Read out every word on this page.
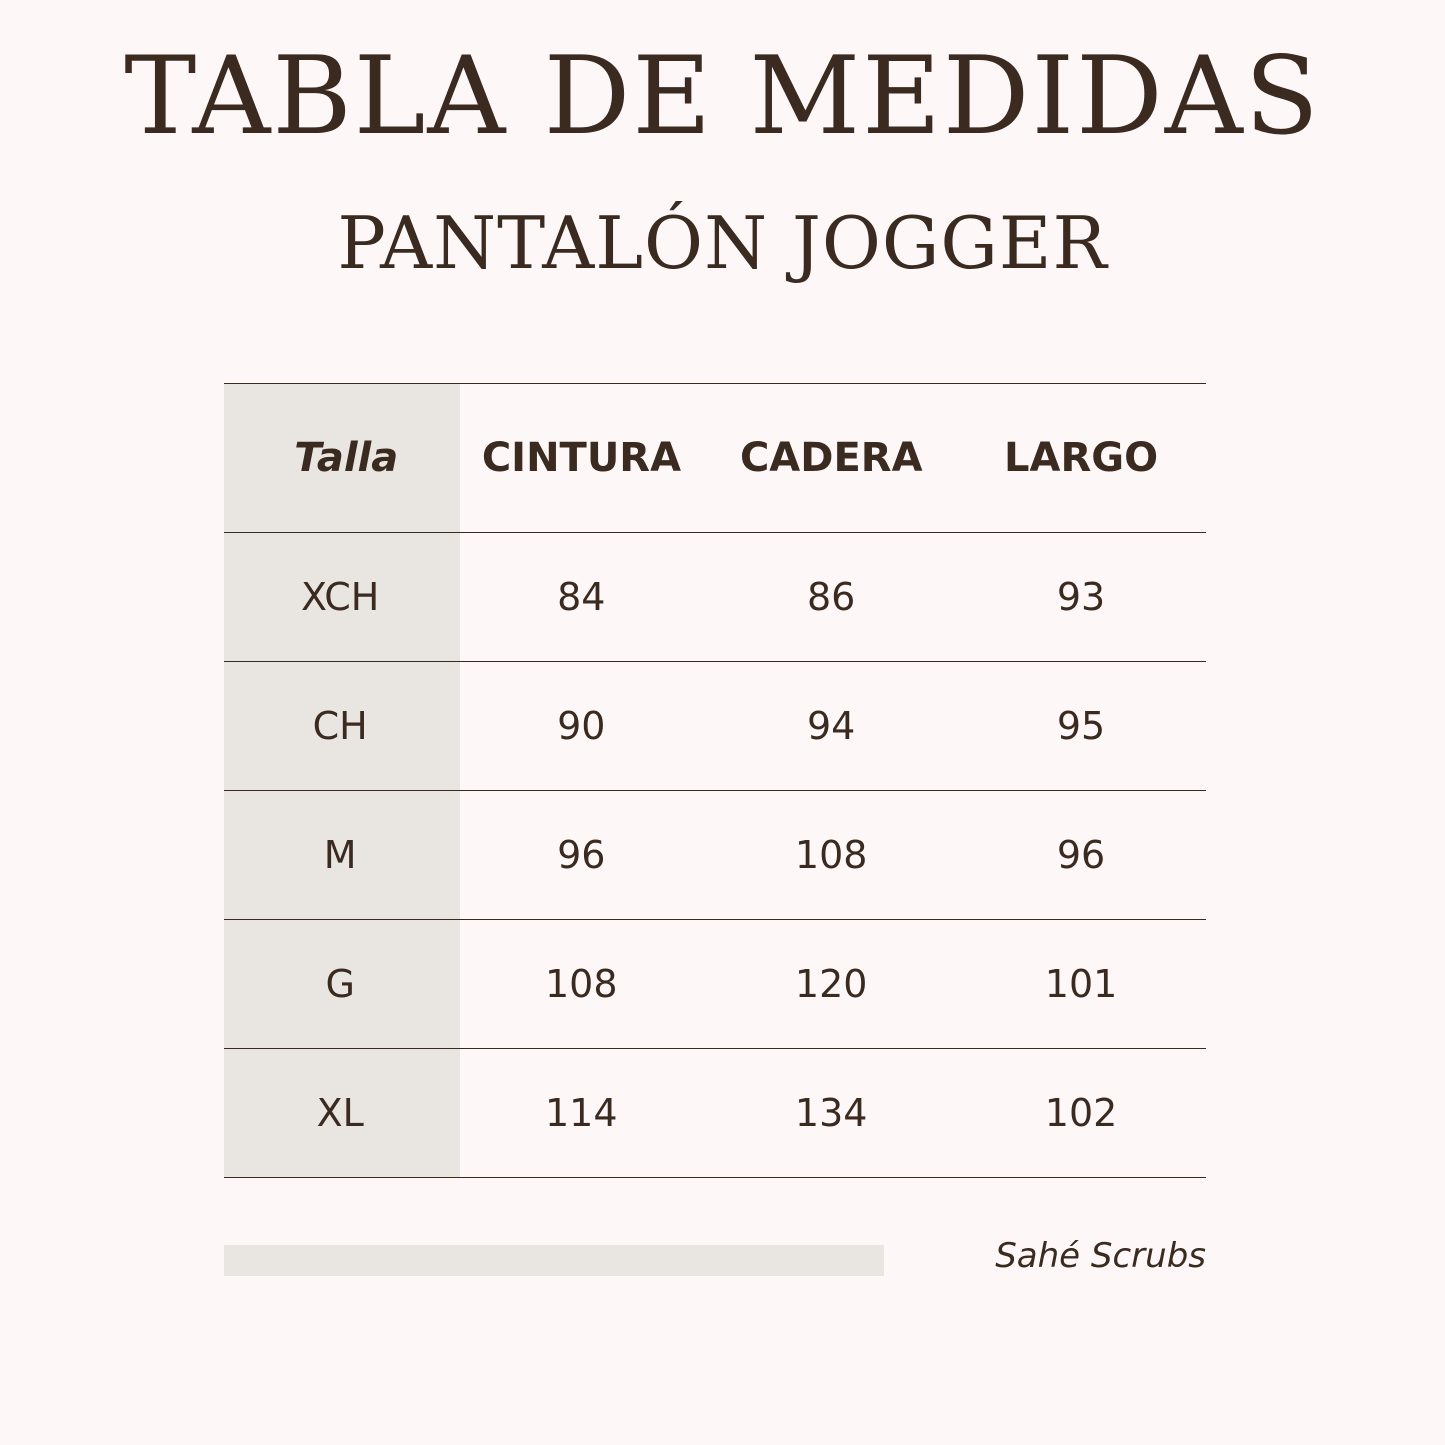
TABLA DE MEDIDAS
PANTALÓN JOGGER
Talla	CINTURA	CADERA	LARGO
XCH	84	86	93
CH	90	94	95
M	96	108	96
G	108	120	101
XL	114	134	102
Sahé Scrubs
